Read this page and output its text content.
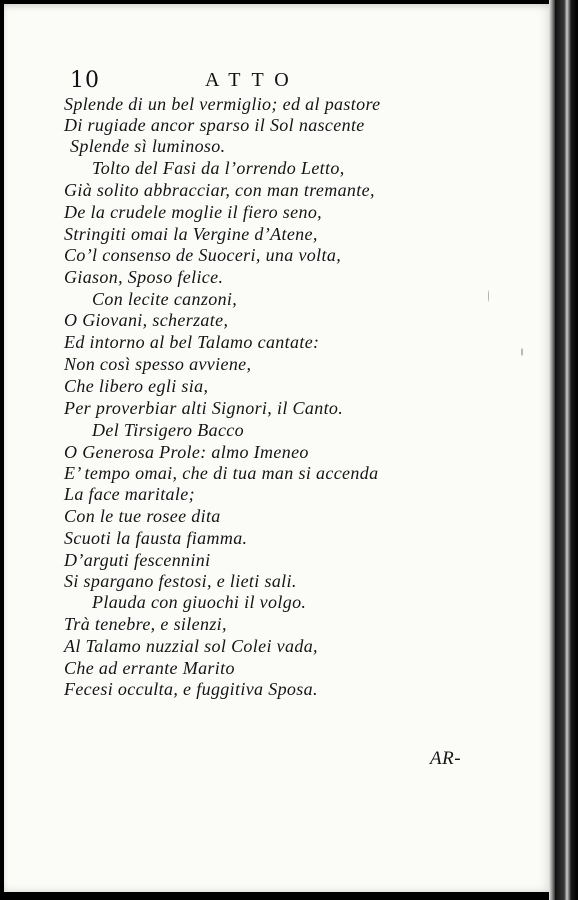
10	ATTO
Splende di un bel vermiglio; ed al pastore
Di rugiade ancor sparso il Sol nascente
Splende sì luminoso.
Tolto del Fasi da l’orrendo Letto,
Già solito abbracciar, con man tremante,
De la crudele moglie il fiero seno,
Stringiti omai la Vergine d’Atene,
Co’l consenso de Suoceri, una volta,
Giason, Sposo felice.
Con lecite canzoni,
O Giovani, scherzate,
Ed intorno al bel Talamo cantate:
Non così spesso avviene,
Che libero egli sia,
Per proverbiar alti Signori, il Canto.
Del Tirsigero Bacco
O Generosa Prole: almo Imeneo
E’ tempo omai, che di tua man si accenda
La face maritale;
Con le tue rosee dita
Scuoti la fausta fiamma.
D’arguti fescennini
Si spargano festosi, e lieti sali.
Plauda con giuochi il volgo.
Trà tenebre, e silenzi,
Al Talamo nuzzial sol Colei vada,
Che ad errante Marito
Fecesi occulta, e fuggitiva Sposa.
AR-
